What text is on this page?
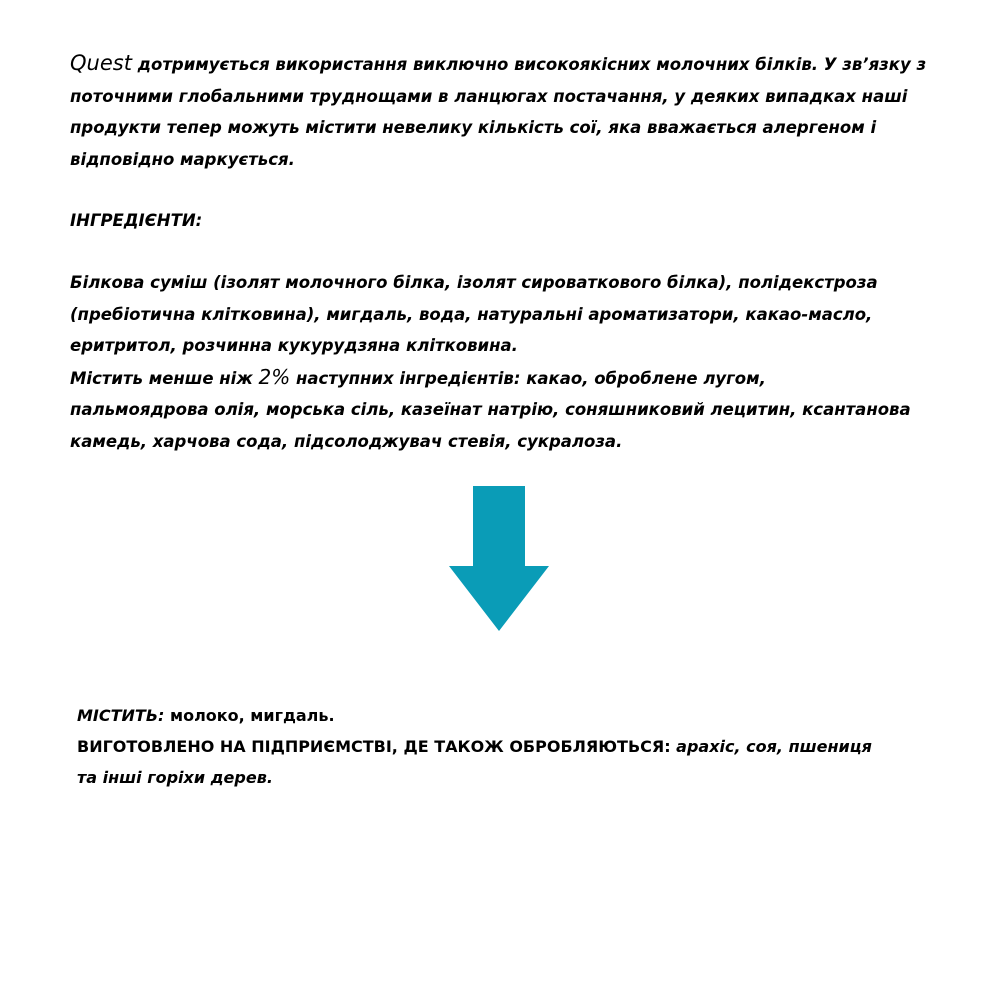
Quest дотримується використання виключно високоякісних молочних білків. У зв’язку з
поточними глобальними труднощами в ланцюгах постачання, у деяких випадках наші
продукти тепер можуть містити невелику кількість сої, яка вважається алергеном і
відповідно маркується.

ІНГРЕДІЄНТИ:

Білкова суміш (ізолят молочного білка, ізолят сироваткового білка), полідекстроза
(пребіотична клітковина), мигдаль, вода, натуральні ароматизатори, какао-масло,
еритритол, розчинна кукурудзяна клітковина.
Містить менше ніж 2% наступних інгредієнтів: какао, оброблене лугом,
пальмоядрова олія, морська сіль, казеїнат натрію, соняшниковий лецитин, ксантанова
камедь, харчова сода, підсолоджувач стевія, сукралоза.

МІСТИТЬ: молоко, мигдаль.
ВИГОТОВЛЕНО НА ПІДПРИЄМСТВІ, ДЕ ТАКОЖ ОБРОБЛЯЮТЬСЯ: арахіс, соя, пшениця
та інші горіхи дерев.
